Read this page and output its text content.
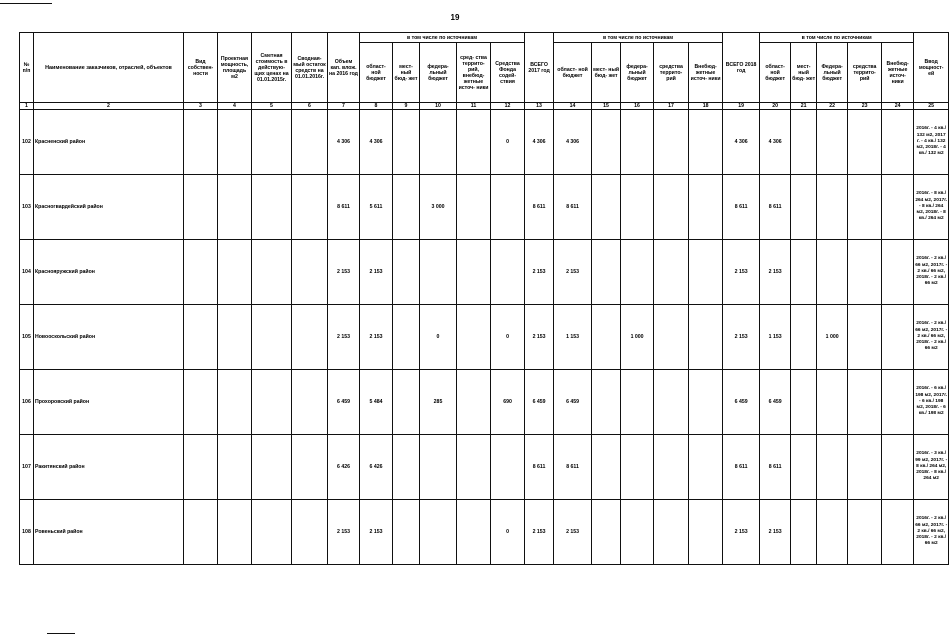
19
№ п/п	Наименование заказчиков, отраслей, объектов	Вид собствен- ности	Проектная мощность, площадь м2	Сметная стоимость в действую- щих ценах на 01.01.2015г.	Сводная- мый остаток средств на 01.01.2016г.	Объем кап. влож. на 2016 год	в том числе по источникам					ВСЕГО 2017 год	в том числе по источникам					ВСЕГО 2018 год	в том числе по источникам					Ввод мощност- ей
							област- ной бюджет	мест- ный бюд- жет	федера- льный бюджет	сред- ства террито- рий, внебюд- жетные источ- ники	Средства Фонда содей- ствия		област- ной бюджет	мест- ный бюд- жет	федера- льный бюджет	средства террито- рий	Внебюд- жетные источ- ники		област- ной бюджет	мест- ный бюд- жет	Федера- льный бюджет	средства террито- рий	Внебюд- жетные источ- ники	
1	2	3	4	5	6	7	8	9	10	11	12	13	14	15	16	17	18	19	20	21	22	23	24	25
102	Красненский район					4 306	4 306				0	4 306	4 306					4 306	4 306					2016г. - 4 кв./ 132 м2, 2017 г. - 4 кв./ 132 м2, 2018г. - 4 кв./ 132 м2
103	Красногвардейский район					8 611	5 611		3 000			8 611	8 611					8 611	8 611					2016г. - 8 кв./ 264 м2, 2017г. - 8 кв./ 264 м2, 2018г. - 8 кв./ 264 м2
104	Краснояружский район					2 153	2 153					2 153	2 153					2 153	2 153					2016г. - 2 кв./ 66 м2, 2017г. - 2 кв./ 66 м2, 2018г. - 2 кв./ 66 м2
105	Новооскольский район					2 153	2 153		0		0	2 153	1 153		1 000			2 153	1 153		1 000			2016г. - 2 кв./ 66 м2, 2017г. - 2 кв./ 66 м2, 2018г. - 2 кв./ 66 м2
106	Прохоровский район					6 459	5 484		285		690	6 459	6 459					6 459	6 459					2016г. - 6 кв./ 198 м2, 2017г. - 6 кв./ 198 м2, 2018г. - 6 кв./ 198 м2
107	Ракитянский район					6 426	6 426					8 611	8 611					8 611	8 611					2016г. - 3 кв./ 99 м2, 2017г. - 8 кв./ 264 м2, 2018г. - 8 кв./ 264 м2
108	Ровеньский район					2 153	2 153				0	2 153	2 153					2 153	2 153					2016г. - 2 кв./ 66 м2, 2017г. - 2 кв./ 66 м2, 2018г. - 2 кв./ 66 м2
